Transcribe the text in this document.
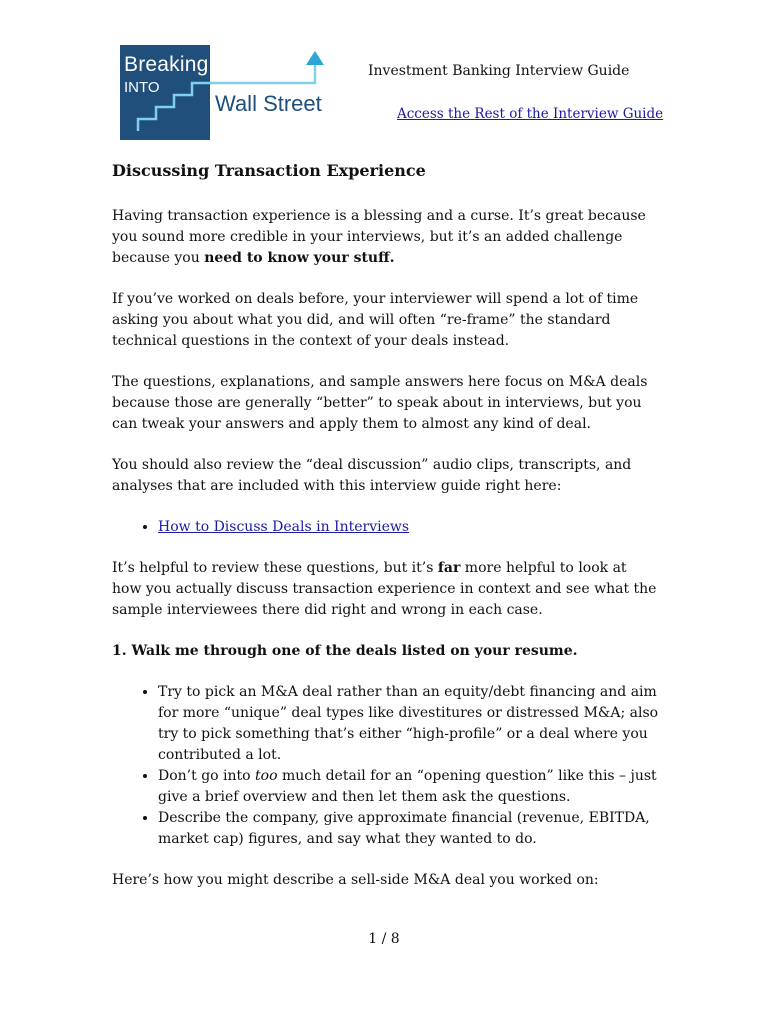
Breaking
INTO
Wall Street
Investment Banking Interview Guide
Access the Rest of the Interview Guide
Discussing Transaction Experience

Having transaction experience is a blessing and a curse. It’s great because you sound more credible in your interviews, but it’s an added challenge because you need to know your stuff.

If you’ve worked on deals before, your interviewer will spend a lot of time asking you about what you did, and will often “re-frame” the standard technical questions in the context of your deals instead.

The questions, explanations, and sample answers here focus on M&A deals because those are generally “better” to speak about in interviews, but you can tweak your answers and apply them to almost any kind of deal.

You should also review the “deal discussion” audio clips, transcripts, and analyses that are included with this interview guide right here:

• How to Discuss Deals in Interviews

It’s helpful to review these questions, but it’s far more helpful to look at how you actually discuss transaction experience in context and see what the sample interviewees there did right and wrong in each case.

1. Walk me through one of the deals listed on your resume.

• Try to pick an M&A deal rather than an equity/debt financing and aim for more “unique” deal types like divestitures or distressed M&A; also try to pick something that’s either “high-profile” or a deal where you contributed a lot.
• Don’t go into too much detail for an “opening question” like this – just give a brief overview and then let them ask the questions.
• Describe the company, give approximate financial (revenue, EBITDA, market cap) figures, and say what they wanted to do.

Here’s how you might describe a sell-side M&A deal you worked on:

1 / 8
